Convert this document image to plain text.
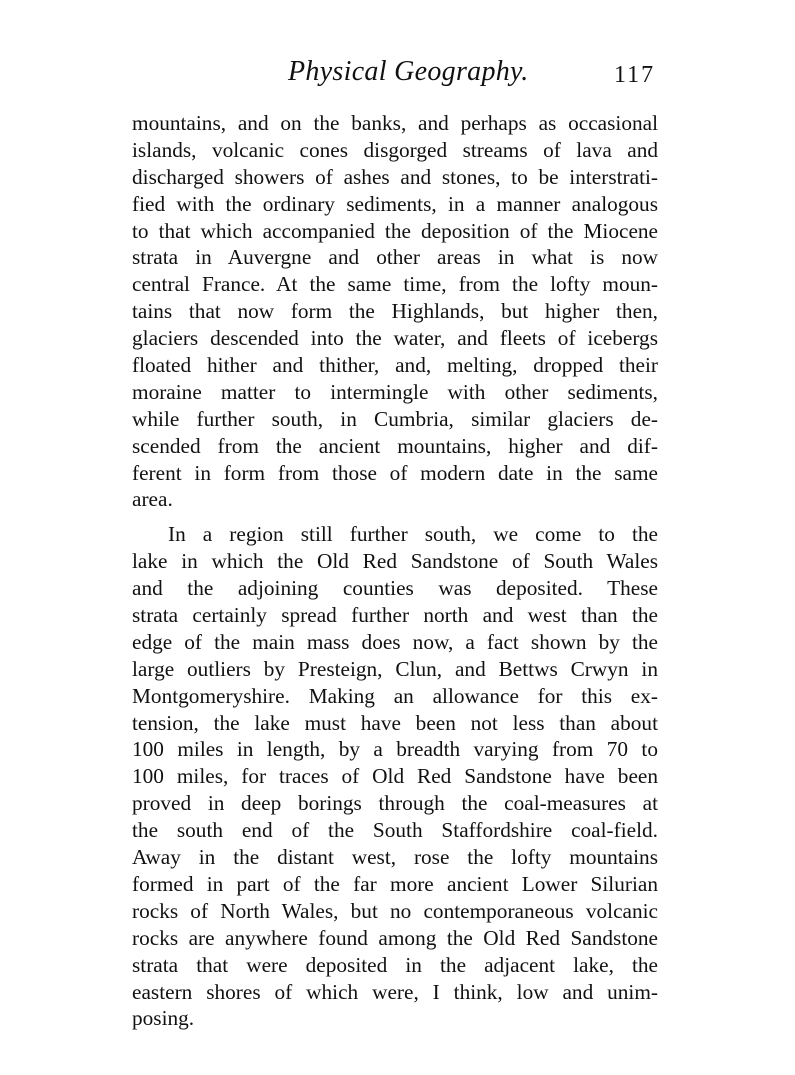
Physical Geography.	117
mountains, and on the banks, and perhaps as occasional
islands, volcanic cones disgorged streams of lava and
discharged showers of ashes and stones, to be interstrati-
fied with the ordinary sediments, in a manner analogous
to that which accompanied the deposition of the Miocene
strata in Auvergne and other areas in what is now
central France. At the same time, from the lofty moun-
tains that now form the Highlands, but higher then,
glaciers descended into the water, and fleets of icebergs
floated hither and thither, and, melting, dropped their
moraine matter to intermingle with other sediments,
while further south, in Cumbria, similar glaciers de-
scended from the ancient mountains, higher and dif-
ferent in form from those of modern date in the same
area.
In a region still further south, we come to the
lake in which the Old Red Sandstone of South Wales
and the adjoining counties was deposited. These
strata certainly spread further north and west than the
edge of the main mass does now, a fact shown by the
large outliers by Presteign, Clun, and Bettws Crwyn in
Montgomeryshire. Making an allowance for this ex-
tension, the lake must have been not less than about
100 miles in length, by a breadth varying from 70 to
100 miles, for traces of Old Red Sandstone have been
proved in deep borings through the coal-measures at
the south end of the South Staffordshire coal-field.
Away in the distant west, rose the lofty mountains
formed in part of the far more ancient Lower Silurian
rocks of North Wales, but no contemporaneous volcanic
rocks are anywhere found among the Old Red Sandstone
strata that were deposited in the adjacent lake, the
eastern shores of which were, I think, low and unim-
posing.
